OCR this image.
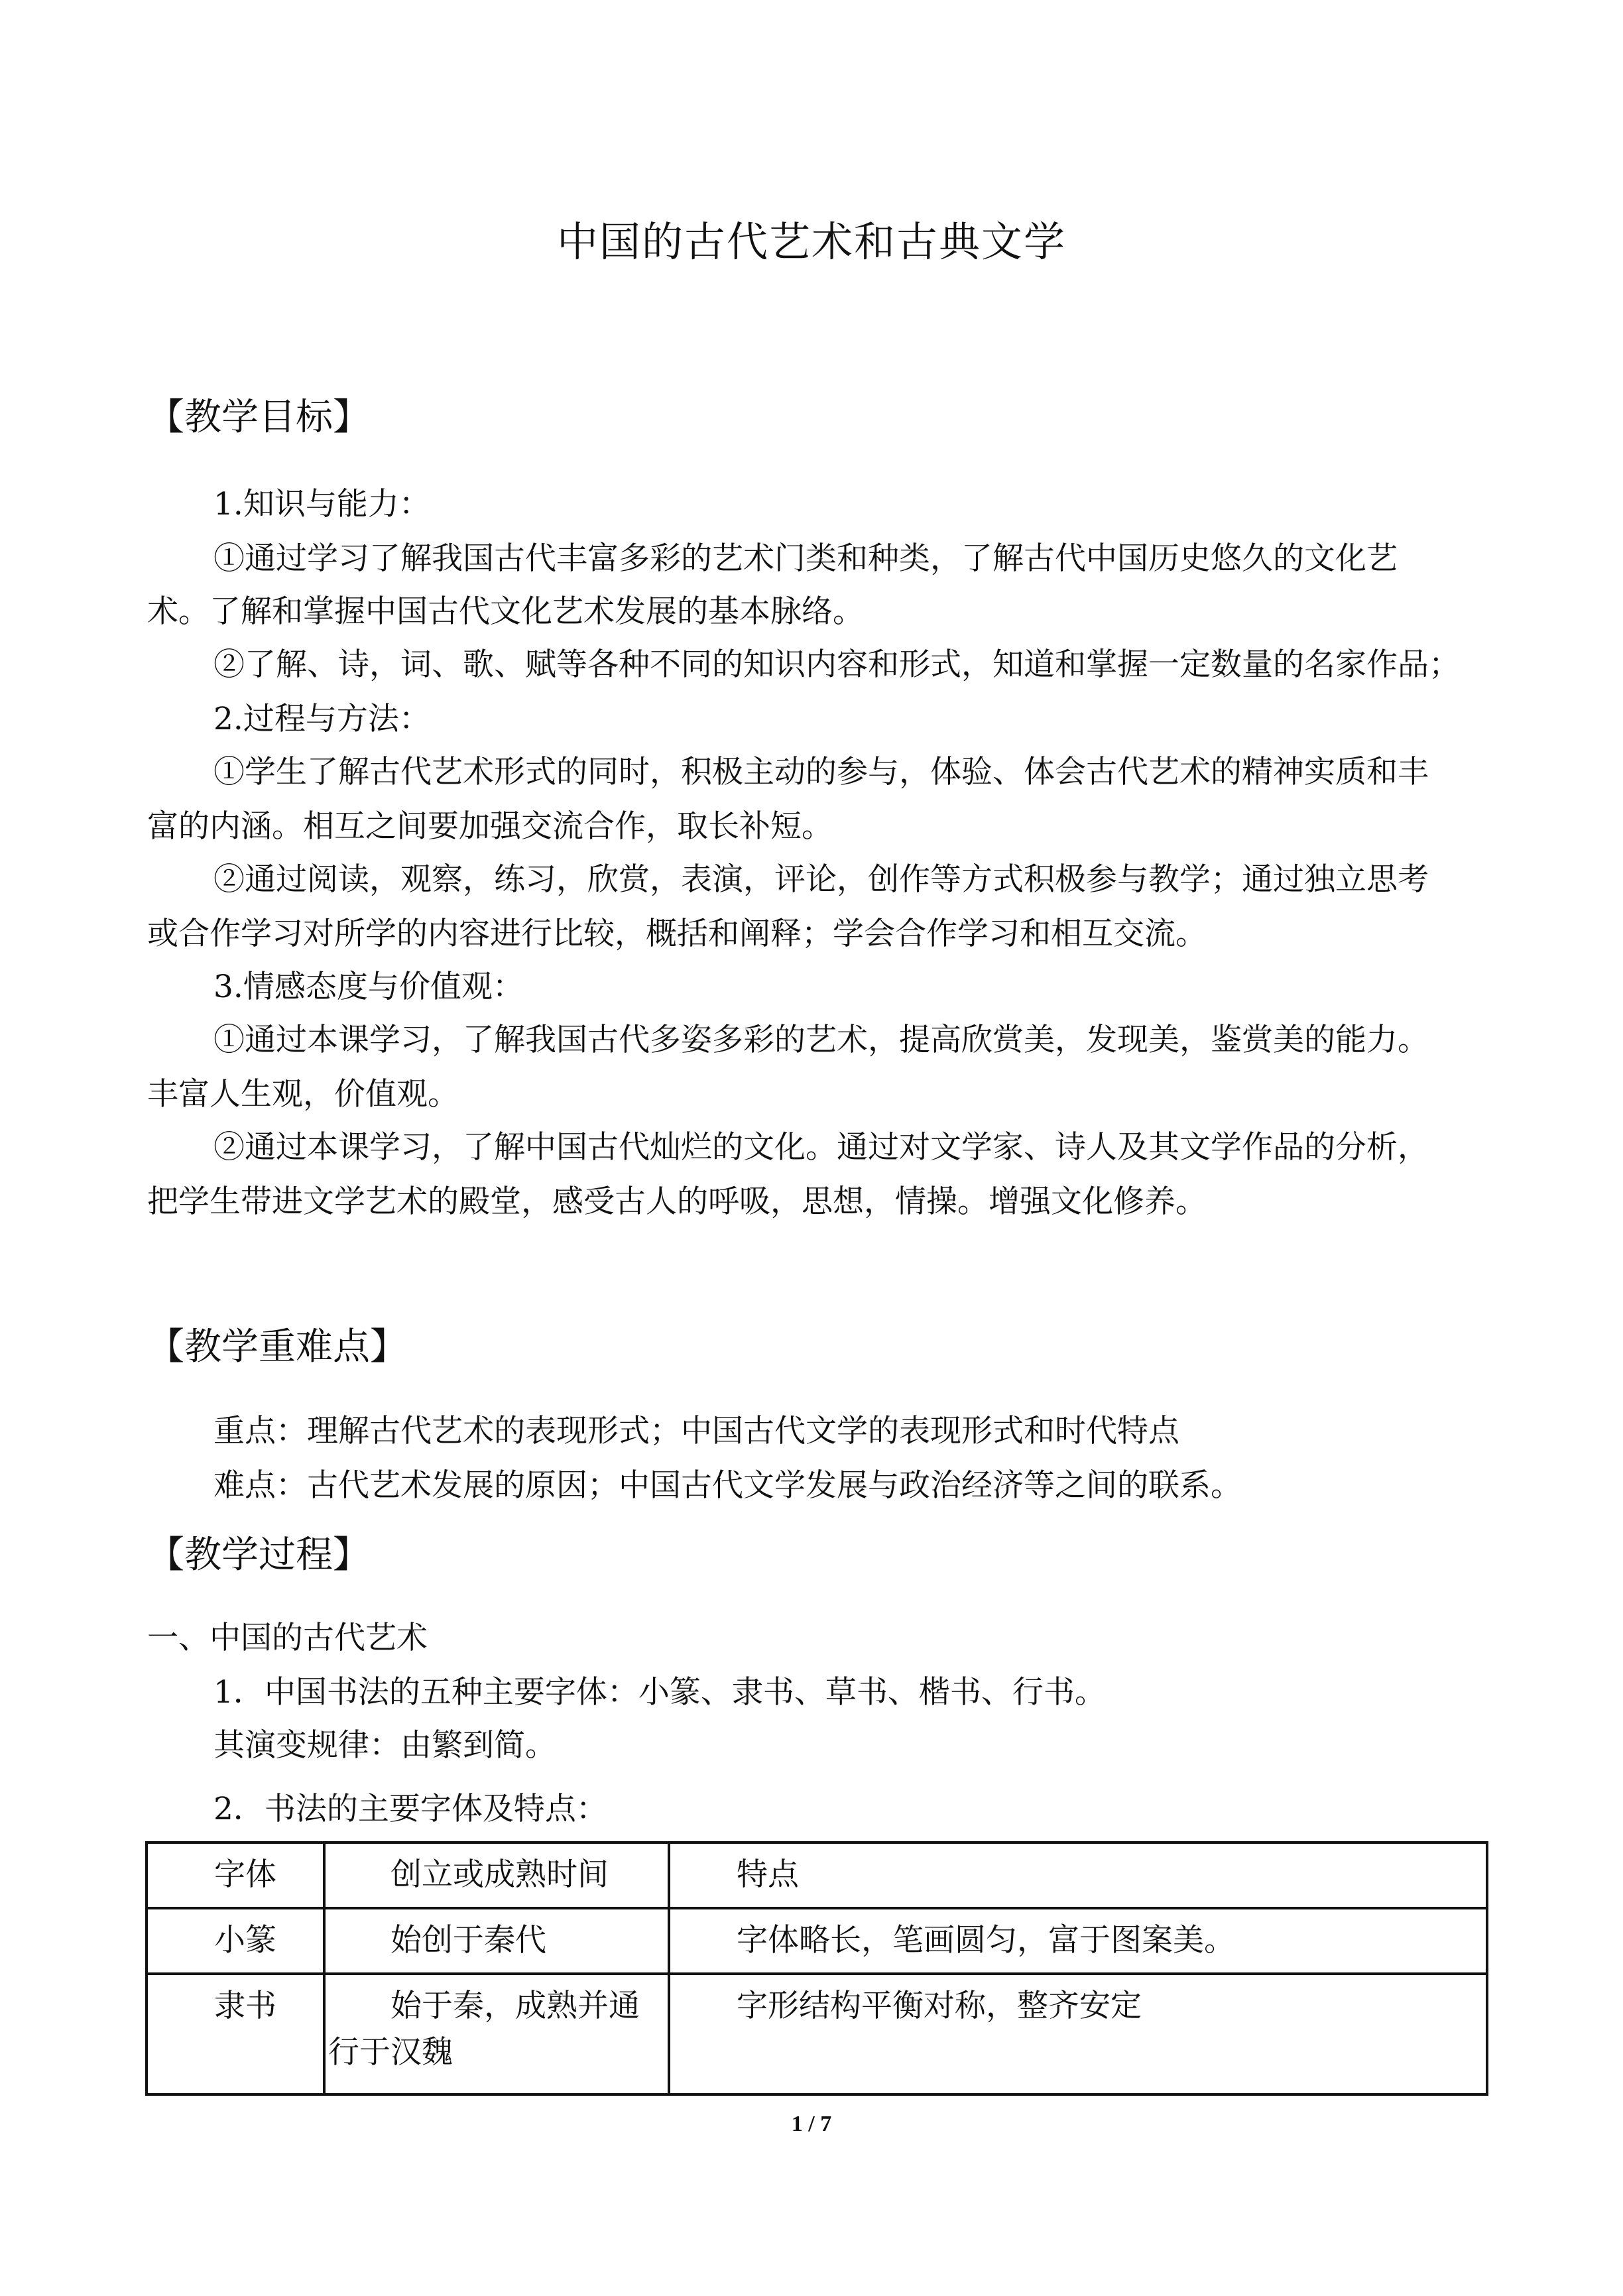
中国的古代艺术和古典文学
【教学目标】
1.知识与能力：
①通过学习了解我国古代丰富多彩的艺术门类和种类，了解古代中国历史悠久的文化艺
术。了解和掌握中国古代文化艺术发展的基本脉络。
②了解、诗，词、歌、赋等各种不同的知识内容和形式，知道和掌握一定数量的名家作品；
2.过程与方法：
①学生了解古代艺术形式的同时，积极主动的参与，体验、体会古代艺术的精神实质和丰
富的内涵。相互之间要加强交流合作，取长补短。
②通过阅读，观察，练习，欣赏，表演，评论，创作等方式积极参与教学；通过独立思考
或合作学习对所学的内容进行比较，概括和阐释；学会合作学习和相互交流。
3.情感态度与价值观：
①通过本课学习，了解我国古代多姿多彩的艺术，提高欣赏美，发现美，鉴赏美的能力。
丰富人生观，价值观。
②通过本课学习，了解中国古代灿烂的文化。通过对文学家、诗人及其文学作品的分析，
把学生带进文学艺术的殿堂，感受古人的呼吸，思想，情操。增强文化修养。
【教学重难点】
重点：理解古代艺术的表现形式；中国古代文学的表现形式和时代特点
难点：古代艺术发展的原因；中国古代文学发展与政治经济等之间的联系。
【教学过程】
一、中国的古代艺术
1．中国书法的五种主要字体：小篆、隶书、草书、楷书、行书。
其演变规律：由繁到简。
2．书法的主要字体及特点：
字体	创立或成熟时间	特点

小篆	始创于秦代	字体略长，笔画圆匀，富于图案美。

隶书	始于秦，成熟并通行于汉魏	字形结构平衡对称，整齐安定
1 / 7
